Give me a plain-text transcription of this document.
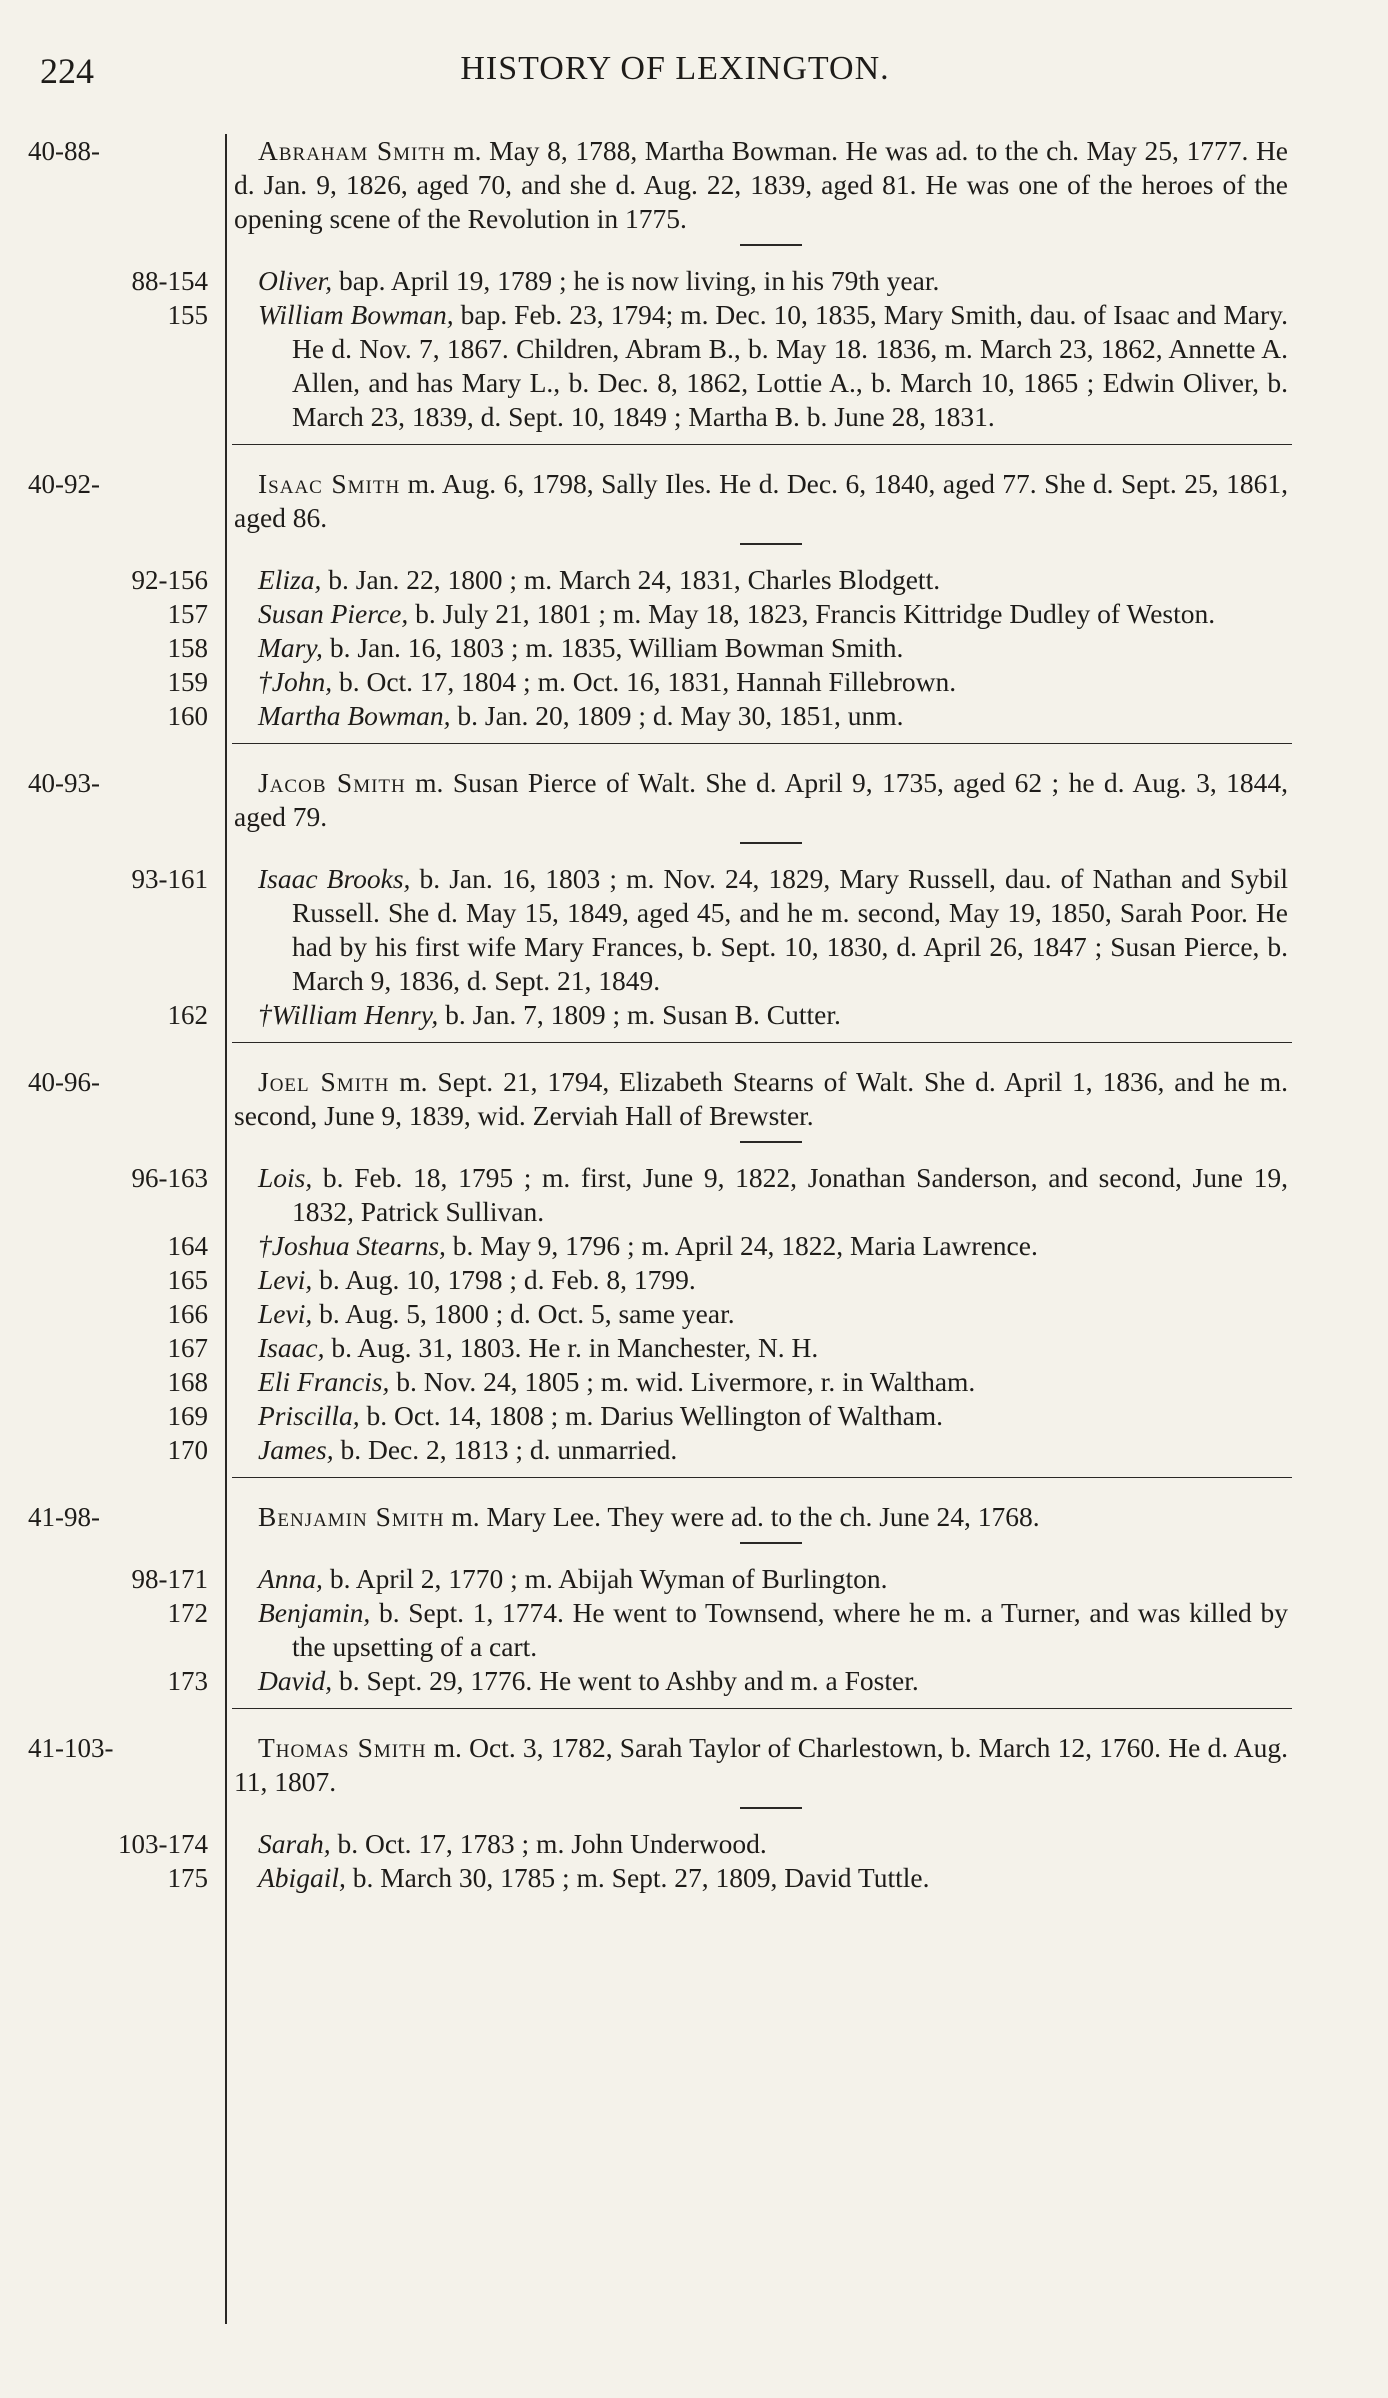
224	HISTORY OF LEXINGTON.
40-88-	Abraham Smith m. May 8, 1788, Martha Bowman. He was ad. to the ch. May 25, 1777. He d. Jan. 9, 1826, aged 70, and she d. Aug. 22, 1839, aged 81. He was one of the heroes of the opening scene of the Revolution in 1775.
88-154 Oliver, bap. April 19, 1789 ; he is now living, in his 79th year.
155 William Bowman, bap. Feb. 23, 1794; m. Dec. 10, 1835, Mary Smith, dau. of Isaac and Mary. He d. Nov. 7, 1867. Children, Abram B., b. May 18. 1836, m. March 23, 1862, Annette A. Allen, and has Mary L., b. Dec. 8, 1862, Lottie A., b. March 10, 1865 ; Edwin Oliver, b. March 23, 1839, d. Sept. 10, 1849 ; Martha B. b. June 28, 1831.
40-92-	Isaac Smith m. Aug. 6, 1798, Sally Iles. He d. Dec. 6, 1840, aged 77. She d. Sept. 25, 1861, aged 86.
92-156 Eliza, b. Jan. 22, 1800 ; m. March 24, 1831, Charles Blodgett.
157 Susan Pierce, b. July 21, 1801 ; m. May 18, 1823, Francis Kittridge Dudley of Weston.
158 Mary, b. Jan. 16, 1803 ; m. 1835, William Bowman Smith.
159 †John, b. Oct. 17, 1804 ; m. Oct. 16, 1831, Hannah Fillebrown.
160 Martha Bowman, b. Jan. 20, 1809 ; d. May 30, 1851, unm.
40-93-	Jacob Smith m. Susan Pierce of Walt. She d. April 9, 1735, aged 62 ; he d. Aug. 3, 1844, aged 79.
93-161 Isaac Brooks, b. Jan. 16, 1803 ; m. Nov. 24, 1829, Mary Russell, dau. of Nathan and Sybil Russell. She d. May 15, 1849, aged 45, and he m. second, May 19, 1850, Sarah Poor. He had by his first wife Mary Frances, b. Sept. 10, 1830, d. April 26, 1847 ; Susan Pierce, b. March 9, 1836, d. Sept. 21, 1849.
162 †William Henry, b. Jan. 7, 1809 ; m. Susan B. Cutter.
40-96-	Joel Smith m. Sept. 21, 1794, Elizabeth Stearns of Walt. She d. April 1, 1836, and he m. second, June 9, 1839, wid. Zerviah Hall of Brewster.
96-163 Lois, b. Feb. 18, 1795 ; m. first, June 9, 1822, Jonathan Sanderson, and second, June 19, 1832, Patrick Sullivan.
164 †Joshua Stearns, b. May 9, 1796 ; m. April 24, 1822, Maria Lawrence.
165 Levi, b. Aug. 10, 1798 ; d. Feb. 8, 1799.
166 Levi, b. Aug. 5, 1800 ; d. Oct. 5, same year.
167 Isaac, b. Aug. 31, 1803. He r. in Manchester, N. H.
168 Eli Francis, b. Nov. 24, 1805 ; m. wid. Livermore, r. in Waltham.
169 Priscilla, b. Oct. 14, 1808 ; m. Darius Wellington of Waltham.
170 James, b. Dec. 2, 1813 ; d. unmarried.
41-98-	Benjamin Smith m. Mary Lee. They were ad. to the ch. June 24, 1768.
98-171 Anna, b. April 2, 1770 ; m. Abijah Wyman of Burlington.
172 Benjamin, b. Sept. 1, 1774. He went to Townsend, where he m. a Turner, and was killed by the upsetting of a cart.
173 David, b. Sept. 29, 1776. He went to Ashby and m. a Foster.
41-103-	Thomas Smith m. Oct. 3, 1782, Sarah Taylor of Charlestown, b. March 12, 1760. He d. Aug. 11, 1807.
103-174 Sarah, b. Oct. 17, 1783 ; m. John Underwood.
175 Abigail, b. March 30, 1785 ; m. Sept. 27, 1809, David Tuttle.
